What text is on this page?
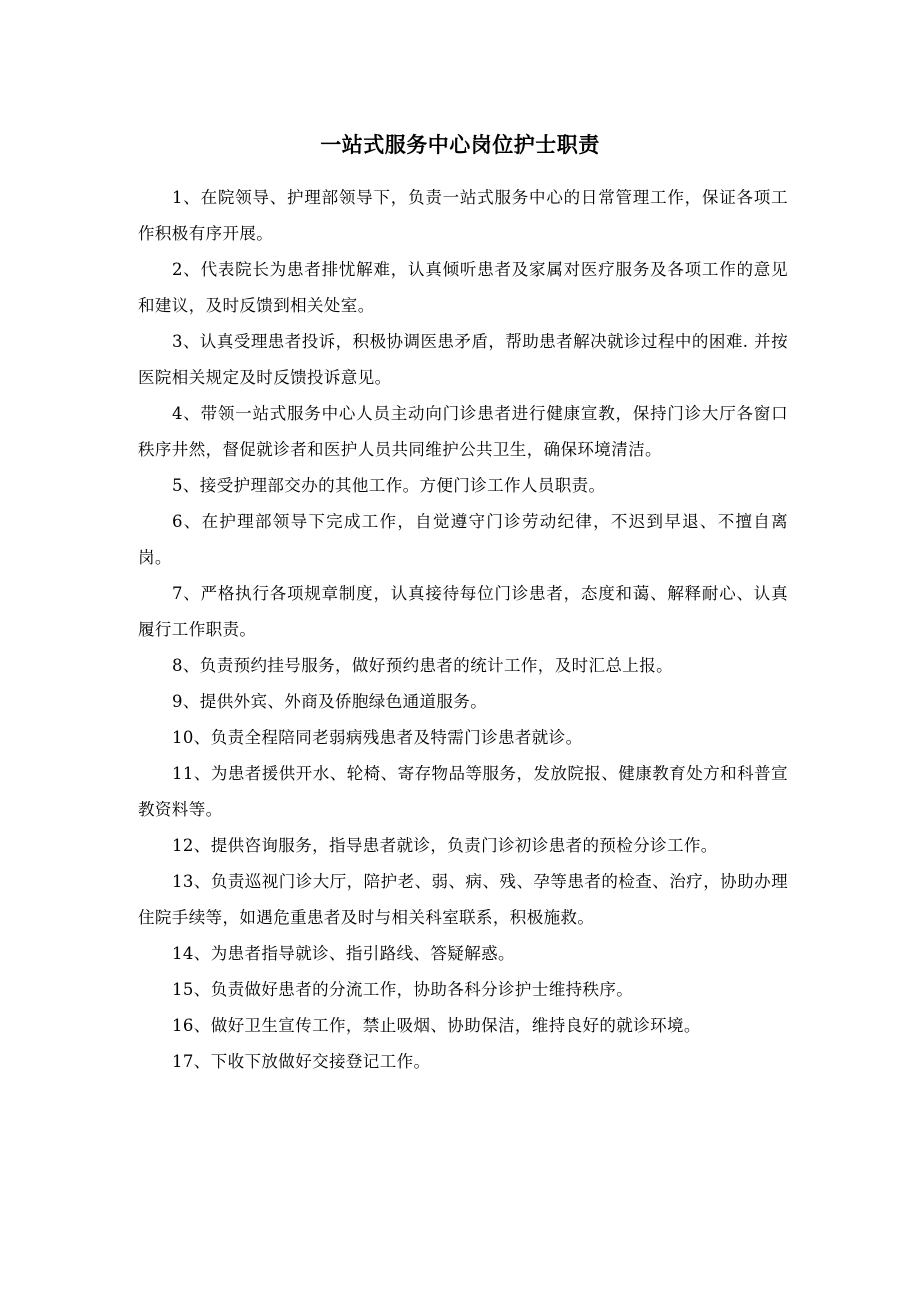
一站式服务中心岗位护士职责

1、在院领导、护理部领导下，负责一站式服务中心的日常管理工作，保证各项工作积极有序开展。

2、代表院长为患者排忧解难，认真倾听患者及家属对医疗服务及各项工作的意见和建议，及时反馈到相关处室。

3、认真受理患者投诉，积极协调医患矛盾，帮助患者解决就诊过程中的困难. 并按医院相关规定及时反馈投诉意见。

4、带领一站式服务中心人员主动向门诊患者进行健康宣教，保持门诊大厅各窗口秩序井然，督促就诊者和医护人员共同维护公共卫生，确保环境清洁。

5、接受护理部交办的其他工作。方便门诊工作人员职责。

6、在护理部领导下完成工作，自觉遵守门诊劳动纪律，不迟到早退、不擅自离岗。

7、严格执行各项规章制度，认真接待每位门诊患者，态度和蔼、解释耐心、认真履行工作职责。

8、负责预约挂号服务，做好预约患者的统计工作，及时汇总上报。

9、提供外宾、外商及侨胞绿色通道服务。

10、负责全程陪同老弱病残患者及特需门诊患者就诊。

11、为患者援供开水、轮椅、寄存物品等服务，发放院报、健康教育处方和科普宣教资料等。

12、提供咨询服务，指导患者就诊，负责门诊初诊患者的预检分诊工作。

13、负责巡视门诊大厅，陪护老、弱、病、残、孕等患者的检查、治疗，协助办理住院手续等，如遇危重患者及时与相关科室联系，积极施救。

14、为患者指导就诊、指引路线、答疑解惑。

15、负责做好患者的分流工作，协助各科分诊护士维持秩序。

16、做好卫生宣传工作，禁止吸烟、协助保洁，维持良好的就诊环境。

17、下收下放做好交接登记工作。
